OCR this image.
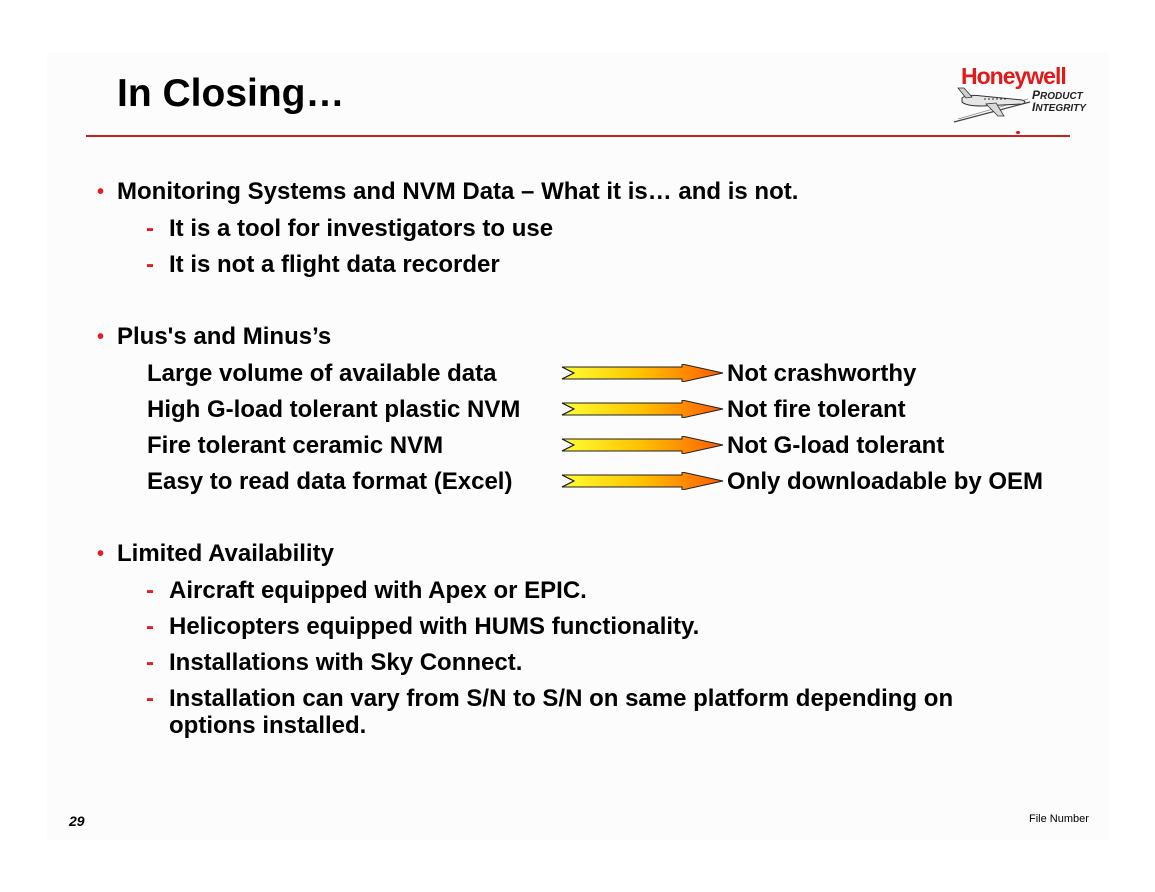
In Closing…	Honeywell
PRODUCT
INTEGRITY
• Monitoring Systems and NVM Data – What it is… and is not.
- It is a tool for investigators to use
- It is not a flight data recorder
• Plus's and Minus’s
Large volume of available data	Not crashworthy
High G-load tolerant plastic NVM	Not fire tolerant
Fire tolerant ceramic NVM	Not G-load tolerant
Easy to read data format (Excel)	Only downloadable by OEM
• Limited Availability
- Aircraft equipped with Apex or EPIC.
- Helicopters equipped with HUMS functionality.
- Installations with Sky Connect.
- Installation can vary from S/N to S/N on same platform depending on
options installed.
29	File Number
